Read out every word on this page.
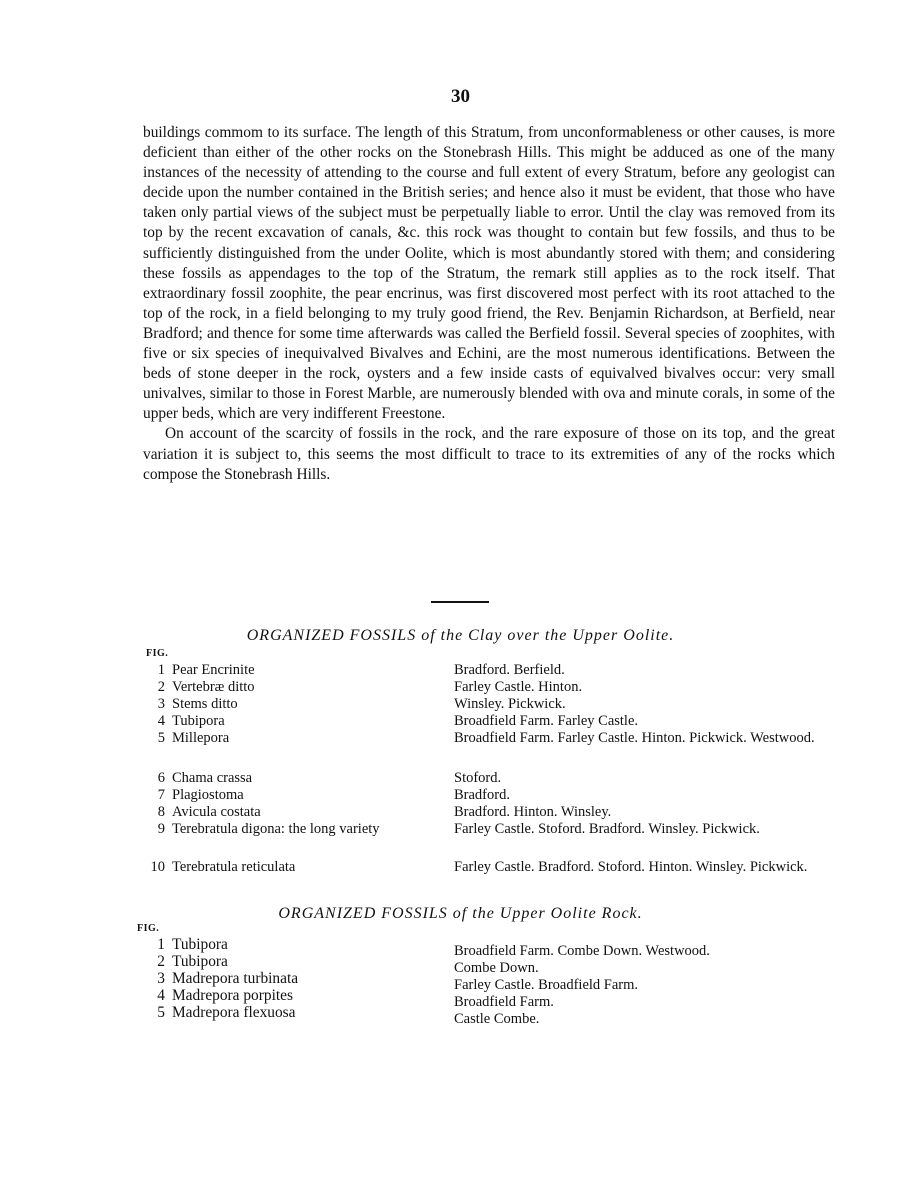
30

buildings commom to its surface. The length of this Stratum, from unconformableness or other causes, is more deficient than either of the other rocks on the Stonebrash Hills. This might be adduced as one of the many instances of the necessity of attending to the course and full extent of every Stratum, before any geologist can decide upon the number contained in the British series; and hence also it must be evident, that those who have taken only partial views of the subject must be perpetually liable to error. Until the clay was removed from its top by the recent excavation of canals, &c. this rock was thought to contain but few fossils, and thus to be sufficiently distinguished from the under Oolite, which is most abundantly stored with them; and considering these fossils as appendages to the top of the Stratum, the remark still applies as to the rock itself. That extraordinary fossil zoophite, the pear encrinus, was first discovered most perfect with its root attached to the top of the rock, in a field belonging to my truly good friend, the Rev. Benjamin Richardson, at Berfield, near Bradford; and thence for some time afterwards was called the Berfield fossil. Several species of zoophites, with five or six species of inequivalved Bivalves and Echini, are the most numerous identifications. Between the beds of stone deeper in the rock, oysters and a few inside casts of equivalved bivalves occur: very small univalves, similar to those in Forest Marble, are numerously blended with ova and minute corals, in some of the upper beds, which are very indifferent Freestone.

On account of the scarcity of fossils in the rock, and the rare exposure of those on its top, and the great variation it is subject to, this seems the most difficult to trace to its extremities of any of the rocks which compose the Stonebrash Hills.

ORGANIZED FOSSILS of the Clay over the Upper Oolite.
FIG.
1 Pear Encrinite	Bradford. Berfield.
2 Vertebræ ditto	Farley Castle. Hinton.
3 Stems ditto	Winsley. Pickwick.
4 Tubipora	Broadfield Farm. Farley Castle.
5 Millepora	Broadfield Farm. Farley Castle. Hinton. Pickwick. Westwood.
6 Chama crassa	Stoford.
7 Plagiostoma	Bradford.
8 Avicula costata	Bradford. Hinton. Winsley.
9 Terebratula digona: the long variety	Farley Castle. Stoford. Bradford. Winsley. Pickwick.
10 Terebratula reticulata	Farley Castle. Bradford. Stoford. Hinton. Winsley. Pickwick.
ORGANIZED FOSSILS of the Upper Oolite Rock.
FIG.
1 Tubipora	Broadfield Farm. Combe Down. Westwood.
2 Tubipora	Combe Down.
3 Madrepora turbinata	Farley Castle. Broadfield Farm.
4 Madrepora porpites	Broadfield Farm.
5 Madrepora flexuosa	Castle Combe.
